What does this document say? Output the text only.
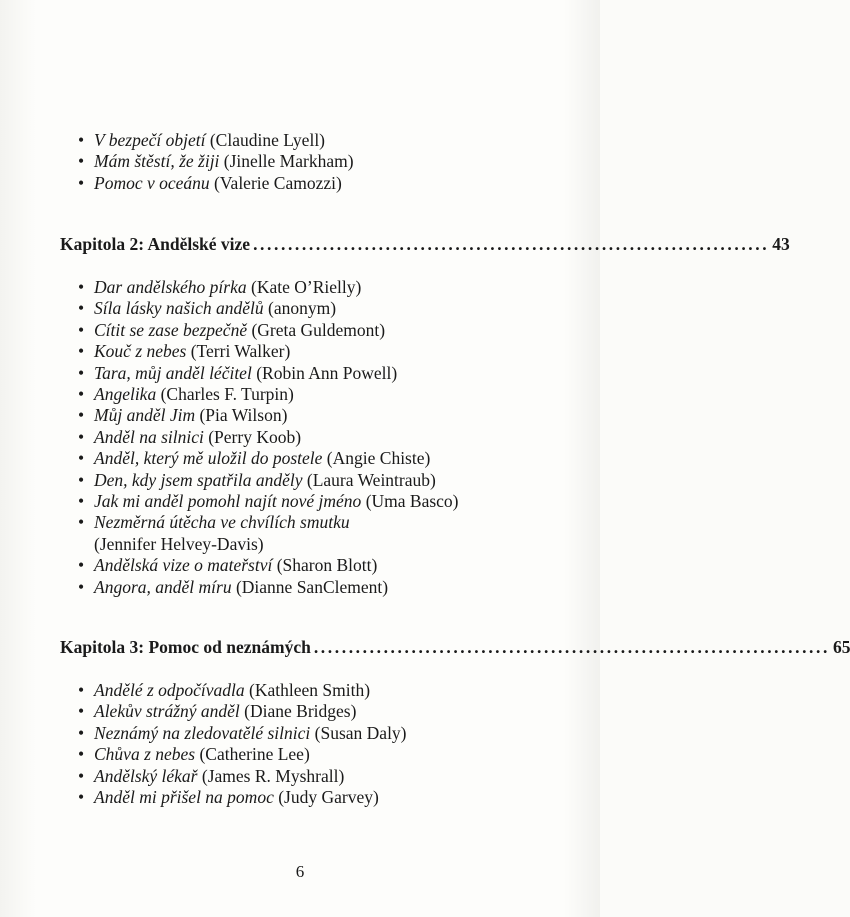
• V bezpečí objetí (Claudine Lyell)
• Mám štěstí, že žiji (Jinelle Markham)
• Pomoc v oceánu (Valerie Camozzi)
Kapitola 2: Andělské vize .......................................................................... 43
• Dar andělského pírka (Kate O’Rielly)
• Síla lásky našich andělů (anonym)
• Cítit se zase bezpečně (Greta Guldemont)
• Kouč z nebes (Terri Walker)
• Tara, můj anděl léčitel (Robin Ann Powell)
• Angelika (Charles F. Turpin)
• Můj anděl Jim (Pia Wilson)
• Anděl na silnici (Perry Koob)
• Anděl, který mě uložil do postele (Angie Chiste)
• Den, kdy jsem spatřila anděly (Laura Weintraub)
• Jak mi anděl pomohl najít nové jméno (Uma Basco)
• Nezměrná útěcha ve chvílích smutku
(Jennifer Helvey-Davis)
• Andělská vize o mateřství (Sharon Blott)
• Angora, anděl míru (Dianne SanClement)
Kapitola 3: Pomoc od neznámých .......................................................................... 65
• Andělé z odpočívadla (Kathleen Smith)
• Alekův strážný anděl (Diane Bridges)
• Neznámý na zledovatělé silnici (Susan Daly)
• Chůva z nebes (Catherine Lee)
• Andělský lékař (James R. Myshrall)
• Anděl mi přišel na pomoc (Judy Garvey)
6
